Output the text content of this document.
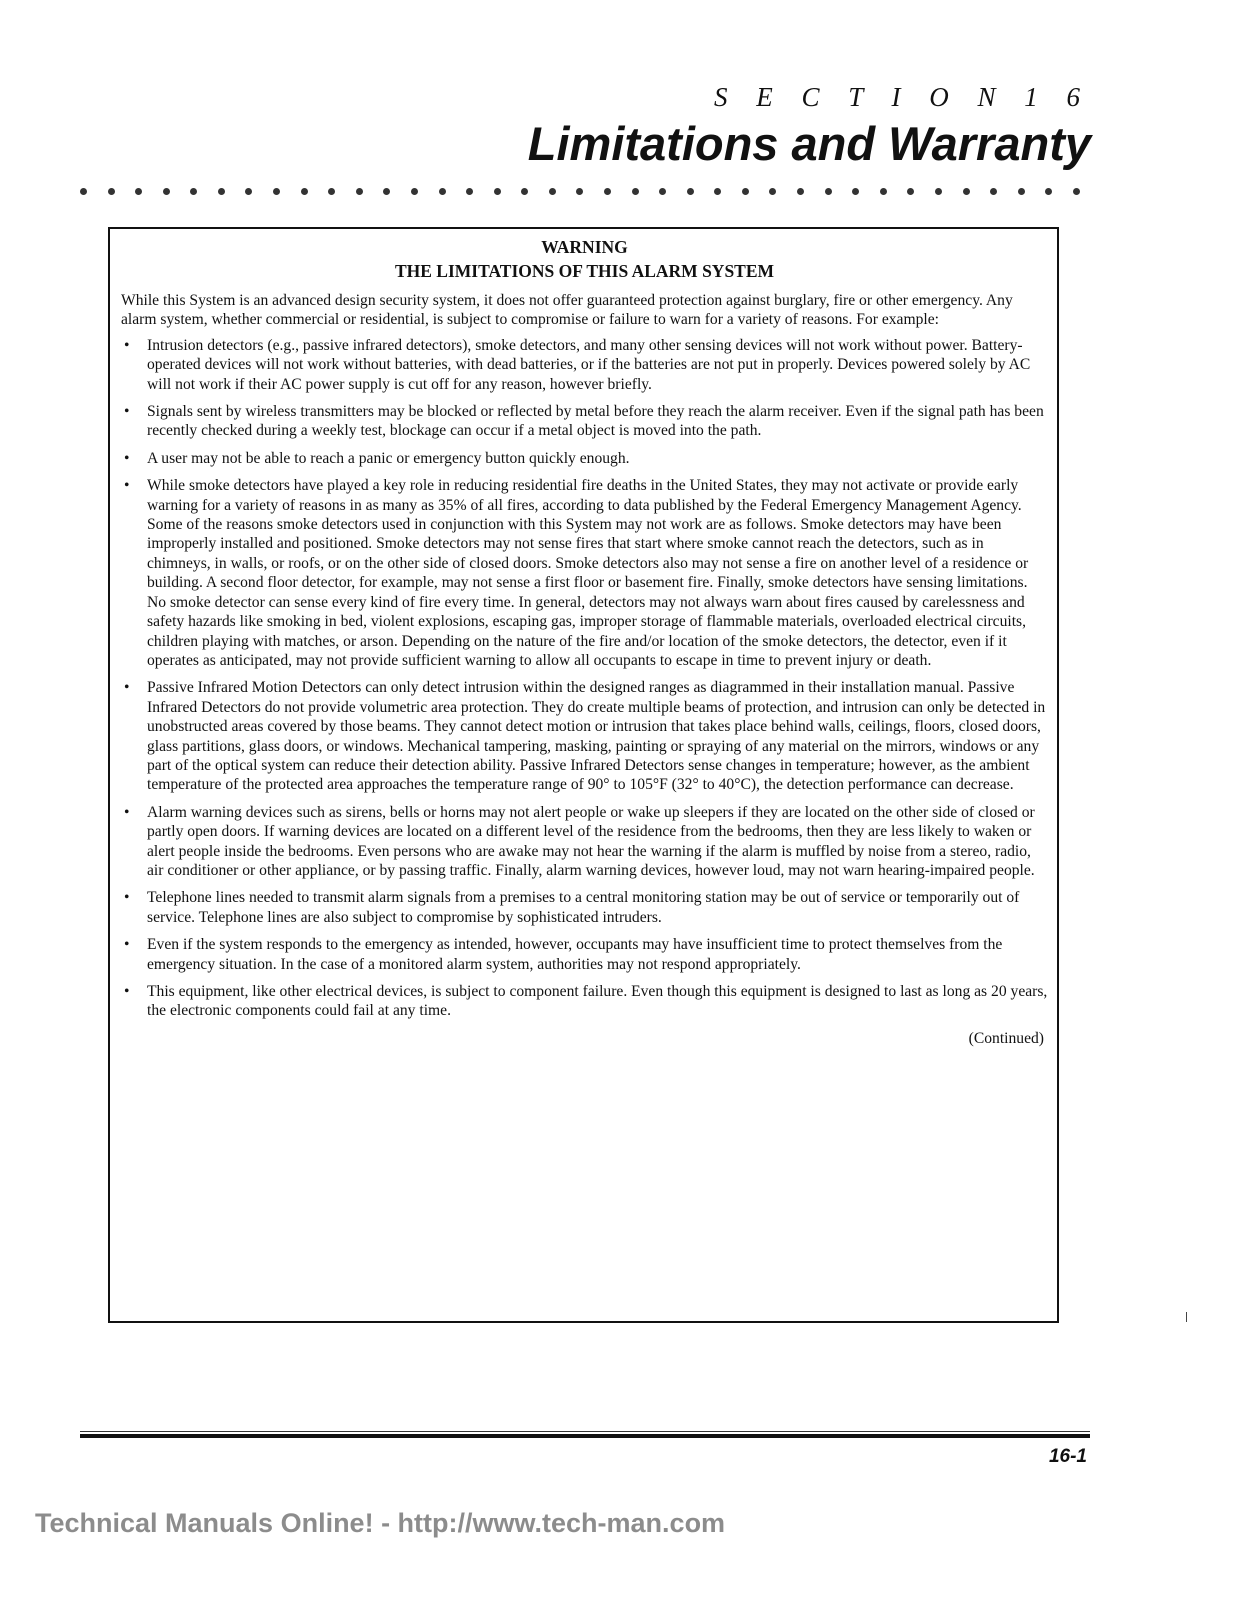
S E C T I O N 1 6
Limitations and Warranty
WARNING
THE LIMITATIONS OF THIS ALARM SYSTEM
While this System is an advanced design security system, it does not offer guaranteed protection against burglary, fire or other emergency. Any alarm system, whether commercial or residential, is subject to compromise or failure to warn for a variety of reasons. For example:
• Intrusion detectors (e.g., passive infrared detectors), smoke detectors, and many other sensing devices will not work without power. Battery-operated devices will not work without batteries, with dead batteries, or if the batteries are not put in properly. Devices powered solely by AC will not work if their AC power supply is cut off for any reason, however briefly.
• Signals sent by wireless transmitters may be blocked or reflected by metal before they reach the alarm receiver. Even if the signal path has been recently checked during a weekly test, blockage can occur if a metal object is moved into the path.
• A user may not be able to reach a panic or emergency button quickly enough.
• While smoke detectors have played a key role in reducing residential fire deaths in the United States, they may not activate or provide early warning for a variety of reasons in as many as 35% of all fires, according to data published by the Federal Emergency Management Agency. Some of the reasons smoke detectors used in conjunction with this System may not work are as follows. Smoke detectors may have been improperly installed and positioned. Smoke detectors may not sense fires that start where smoke cannot reach the detectors, such as in chimneys, in walls, or roofs, or on the other side of closed doors. Smoke detectors also may not sense a fire on another level of a residence or building. A second floor detector, for example, may not sense a first floor or basement fire. Finally, smoke detectors have sensing limitations. No smoke detector can sense every kind of fire every time. In general, detectors may not always warn about fires caused by carelessness and safety hazards like smoking in bed, violent explosions, escaping gas, improper storage of flammable materials, overloaded electrical circuits, children playing with matches, or arson. Depending on the nature of the fire and/or location of the smoke detectors, the detector, even if it operates as anticipated, may not provide sufficient warning to allow all occupants to escape in time to prevent injury or death.
• Passive Infrared Motion Detectors can only detect intrusion within the designed ranges as diagrammed in their installation manual. Passive Infrared Detectors do not provide volumetric area protection. They do create multiple beams of protection, and intrusion can only be detected in unobstructed areas covered by those beams. They cannot detect motion or intrusion that takes place behind walls, ceilings, floors, closed doors, glass partitions, glass doors, or windows. Mechanical tampering, masking, painting or spraying of any material on the mirrors, windows or any part of the optical system can reduce their detection ability. Passive Infrared Detectors sense changes in temperature; however, as the ambient temperature of the protected area approaches the temperature range of 90° to 105°F (32° to 40°C), the detection performance can decrease.
• Alarm warning devices such as sirens, bells or horns may not alert people or wake up sleepers if they are located on the other side of closed or partly open doors. If warning devices are located on a different level of the residence from the bedrooms, then they are less likely to waken or alert people inside the bedrooms. Even persons who are awake may not hear the warning if the alarm is muffled by noise from a stereo, radio, air conditioner or other appliance, or by passing traffic. Finally, alarm warning devices, however loud, may not warn hearing-impaired people.
• Telephone lines needed to transmit alarm signals from a premises to a central monitoring station may be out of service or temporarily out of service. Telephone lines are also subject to compromise by sophisticated intruders.
• Even if the system responds to the emergency as intended, however, occupants may have insufficient time to protect themselves from the emergency situation. In the case of a monitored alarm system, authorities may not respond appropriately.
• This equipment, like other electrical devices, is subject to component failure. Even though this equipment is designed to last as long as 20 years, the electronic components could fail at any time.
(Continued)
16-1
Technical Manuals Online! - http://www.tech-man.com
